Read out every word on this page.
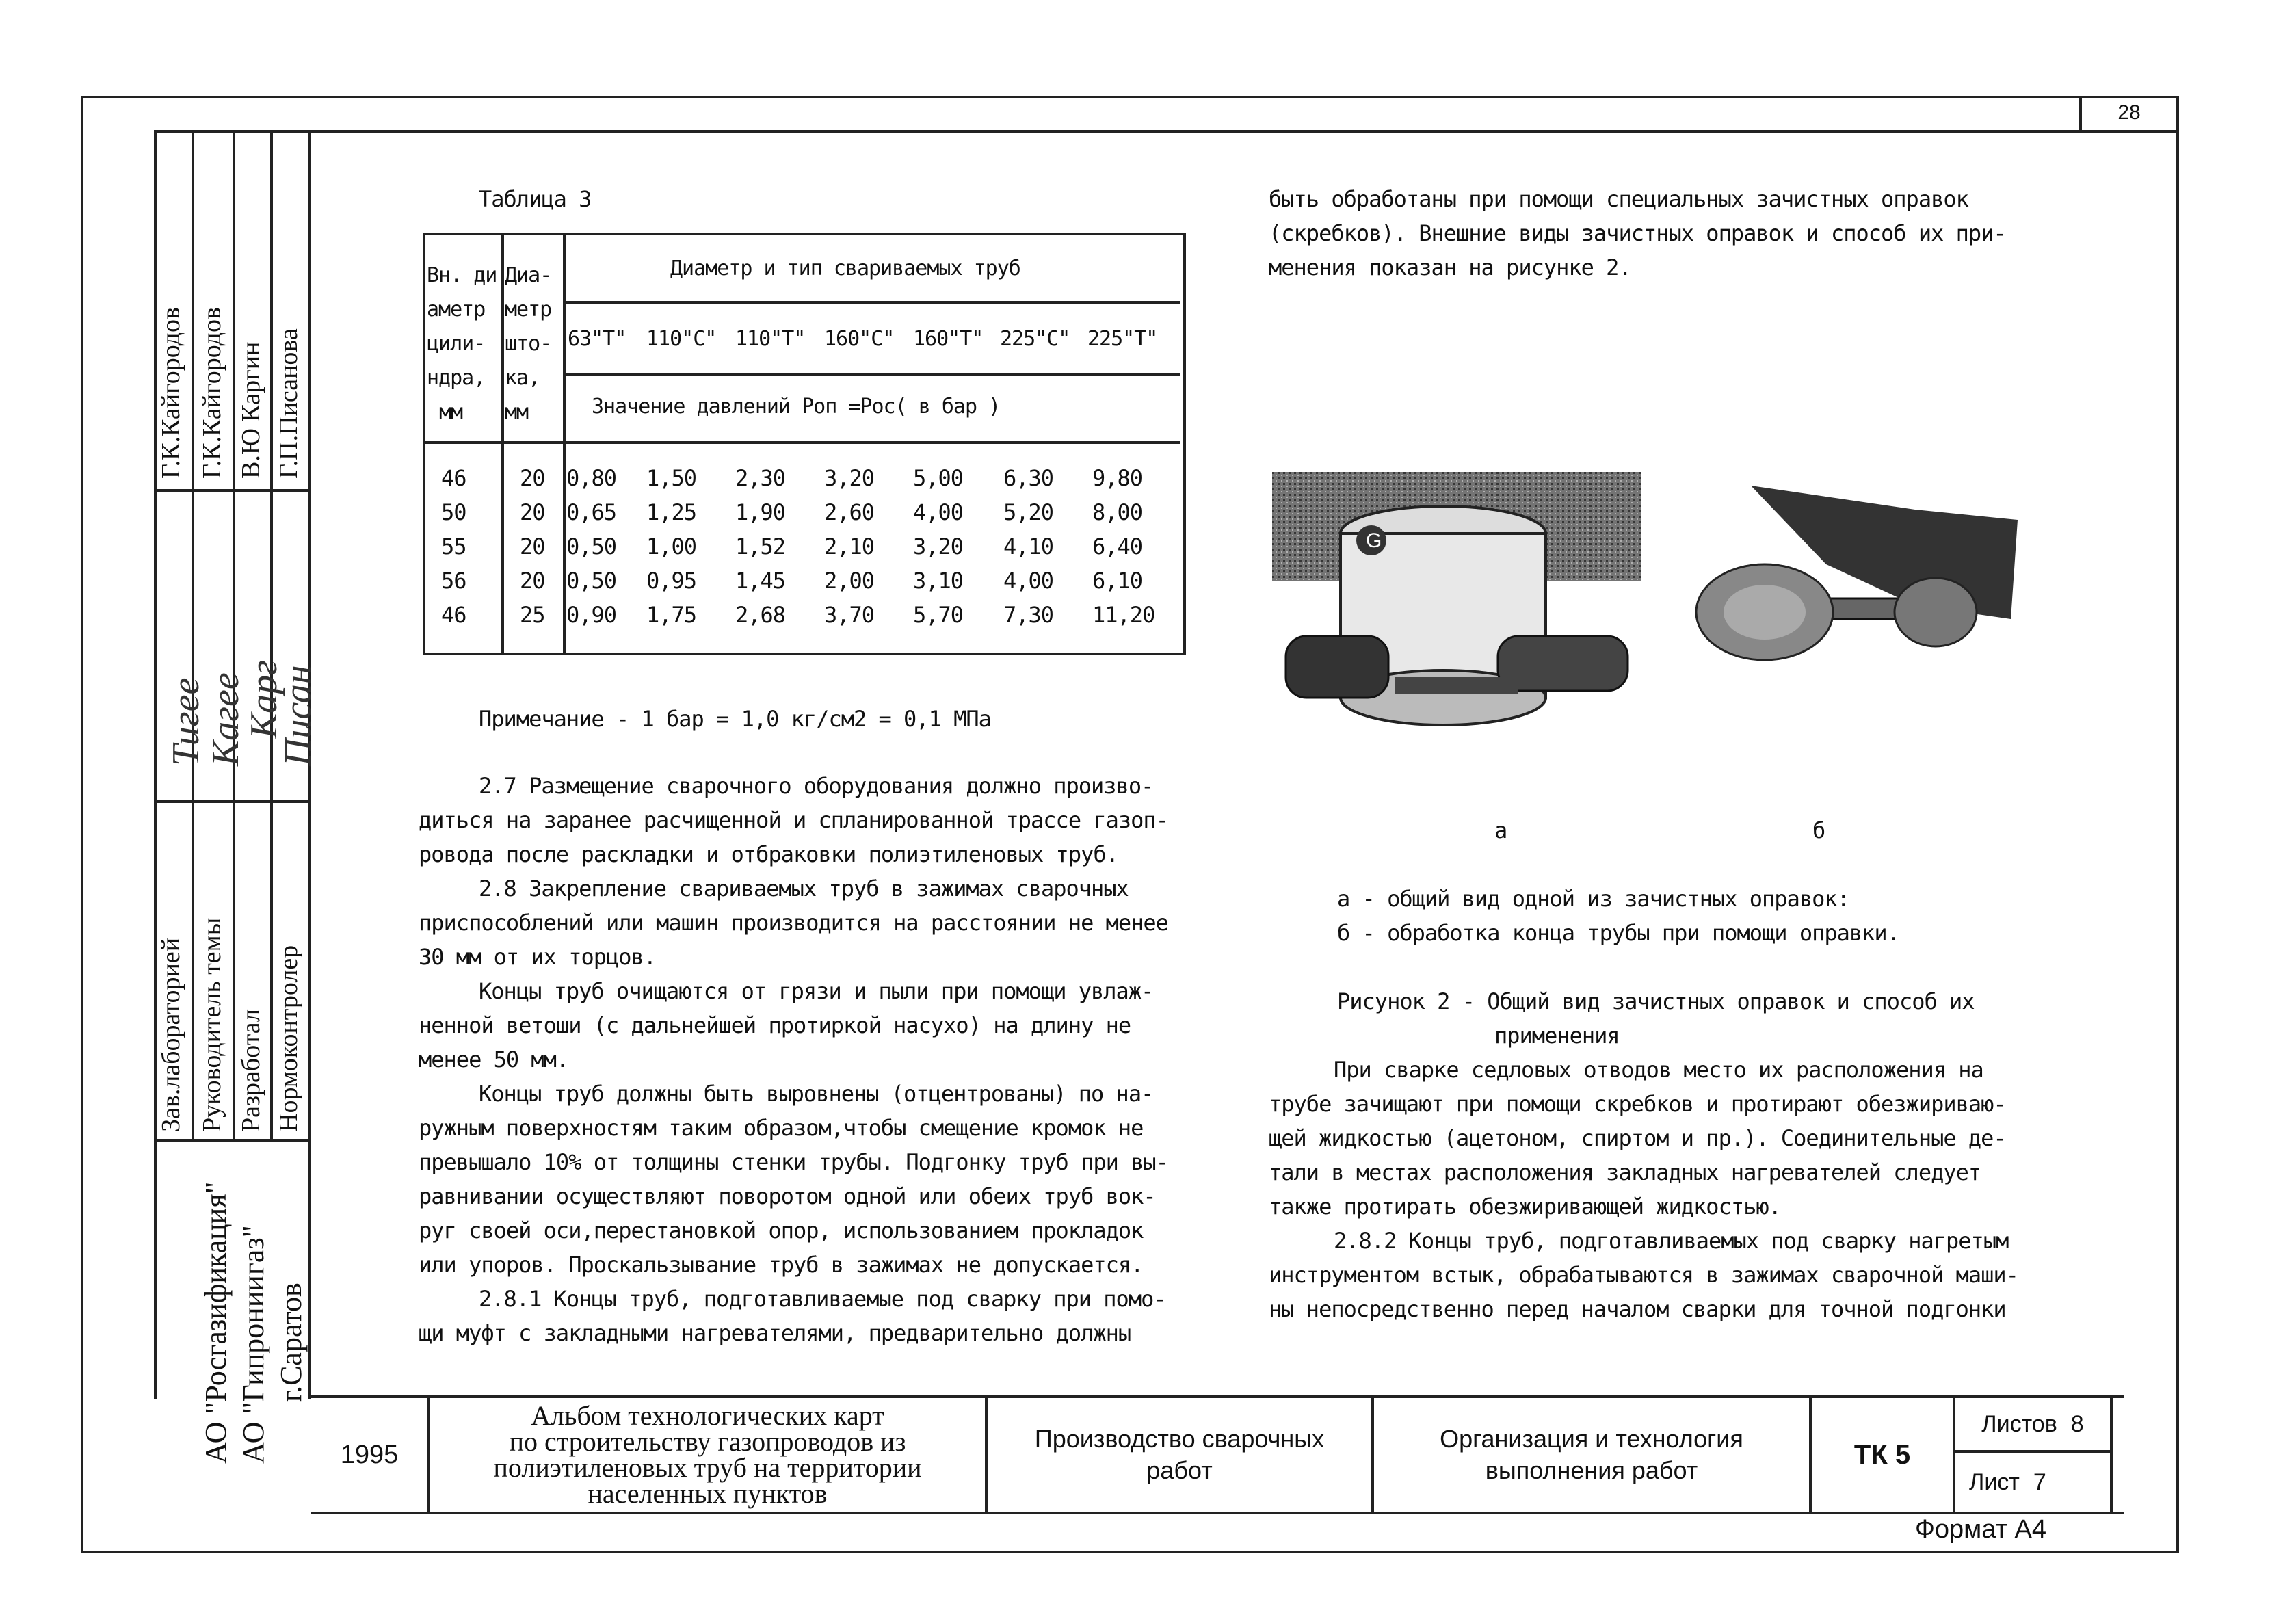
28
Г.К.Кайгородов Г.К.Кайгородов В.Ю Каргин Г.П.Писанова
Тигее
Кагее
Карг
Писан
Зав.лабораторией Руководитель темы Разработал Нормоконтролер
АО "Росгазификация" АО "Гипрониигаз" г.Саратов
Таблица 3
Вн. ди
аметр
цили-
ндра,
мм
Диа-
метр
што-
ка,
мм
Диаметр и тип свариваемых труб
63"Т" 110"С" 110"Т" 160"С" 160"Т" 225"С" 225"Т"
Значение давлений Роп =Рос( в бар )
46 20 0,80 1,50 2,30 3,20 5,00 6,30 9,80
50 20 0,65 1,25 1,90 2,60 4,00 5,20 8,00
55 20 0,50 1,00 1,52 2,10 3,20 4,10 6,40
56 20 0,50 0,95 1,45 2,00 3,10 4,00 6,10
46 25 0,90 1,75 2,68 3,70 5,70 7,30 11,20
Примечание - 1 бар = 1,0 кг/см2 = 0,1 МПа
2.7 Размещение сварочного оборудования должно произво-
диться на заранее расчищенной и спланированной трассе газоп-
ровода после раскладки и отбраковки полиэтиленовых труб.
2.8 Закрепление свариваемых труб в зажимах сварочных
приспособлений или машин производится на расстоянии не менее
30 мм от их торцов.
Концы труб очищаются от грязи и пыли при помощи увлаж-
ненной ветоши (с дальнейшей протиркой насухо) на длину не
менее 50 мм.
Концы труб должны быть выровнены (отцентрованы) по на-
ружным поверхностям таким образом,чтобы смещение кромок не
превышало 10% от толщины стенки трубы. Подгонку труб при вы-
равнивании осуществляют поворотом одной или обеих труб вок-
руг своей оси,перестановкой опор, использованием прокладок
или упоров. Проскальзывание труб в зажимах не допускается.
2.8.1 Концы труб, подготавливаемые под сварку при помо-
щи муфт с закладными нагревателями, предварительно должны
быть обработаны при помощи специальных зачистных оправок
(скребков). Внешние виды зачистных оправок и способ их при-
менения показан на рисунке 2.
G
а	б
а - общий вид одной из зачистных оправок:
б - обработка конца трубы при помощи оправки.
Рисунок 2 - Общий вид зачистных оправок и способ их
применения
При сварке седловых отводов место их расположения на
трубе зачищают при помощи скребков и протирают обезжириваю-
щей жидкостью (ацетоном, спиртом и пр.). Соединительные де-
тали в местах расположения закладных нагревателей следует
также протирать обезжиривающей жидкостью.
2.8.2 Концы труб, подготавливаемых под сварку нагретым
инструментом встык, обрабатываются в зажимах сварочной маши-
ны непосредственно перед началом сварки для точной подгонки
1995
Альбом технологических карт
по строительству газопроводов из
полиэтиленовых труб на территории
населенных пунктов
Производство сварочных
работ
Организация и технология
выполнения работ
ТК 5
Листов 8
Лист 7
Формат А4
